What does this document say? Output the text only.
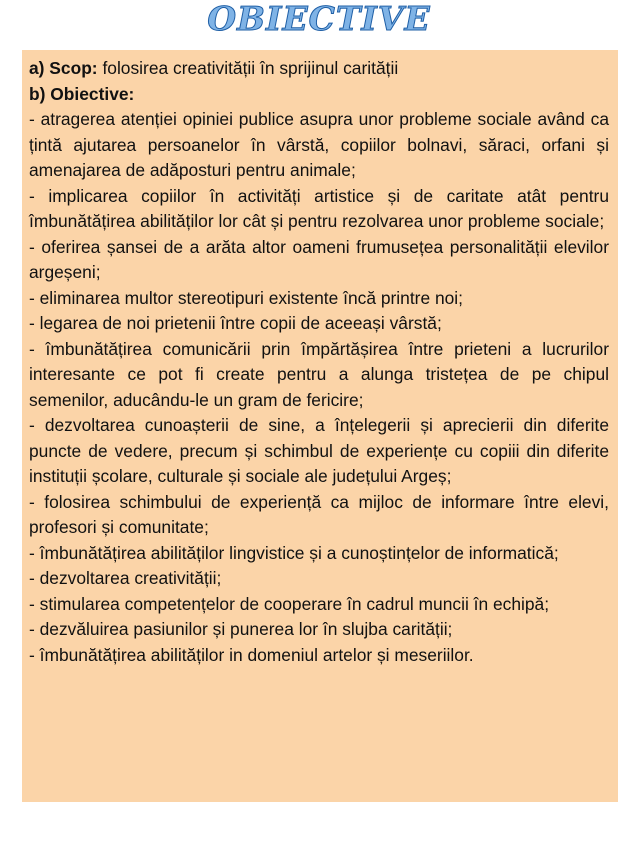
OBIECTIVE

a) Scop: folosirea creativității în sprijinul carității

b) Obiective:

- atragerea atenției opiniei publice asupra unor probleme sociale având ca țintă ajutarea persoanelor în vârstă, copiilor bolnavi, săraci, orfani și amenajarea de adăposturi pentru animale;

- implicarea copiilor în activități artistice și de caritate atât pentru îmbunătățirea abilităților lor cât și pentru rezolvarea unor probleme sociale;

- oferirea șansei de a arăta altor oameni frumusețea personalității elevilor argeșeni;

- eliminarea multor stereotipuri existente încă printre noi;

- legarea de noi prietenii între copii de aceeași vârstă;

- îmbunătățirea comunicării prin împărtășirea între prieteni a lucrurilor interesante ce pot fi create pentru a alunga tristețea de pe chipul semenilor, aducându-le un gram de fericire;

- dezvoltarea cunoașterii de sine, a înțelegerii și aprecierii din diferite puncte de vedere, precum și schimbul de experiențe cu copiii din diferite instituții școlare, culturale și sociale ale județului Argeș;

- folosirea schimbului de experiență ca mijloc de informare între elevi, profesori și comunitate;

- îmbunătățirea abilităților lingvistice și a cunoștințelor de informatică;

- dezvoltarea creativității;

- stimularea competențelor de cooperare în cadrul muncii în echipă;

- dezvăluirea pasiunilor și punerea lor în slujba carității;

- îmbunătățirea abilităților in domeniul artelor și meseriilor.
